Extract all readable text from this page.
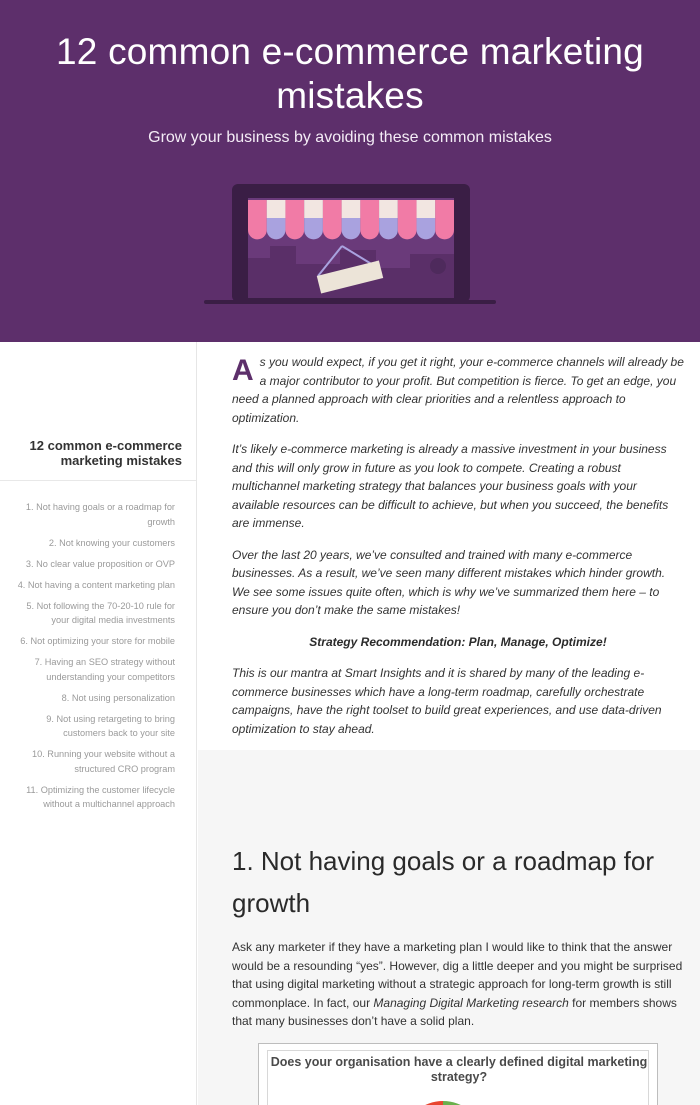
12 common e-commerce marketing mistakes

Grow your business by avoiding these common mistakes

12 common e-commerce marketing mistakes
1. Not having goals or a roadmap for growth
2. Not knowing your customers
3. No clear value proposition or OVP
4. Not having a content marketing plan
5. Not following the 70-20-10 rule for your digital media investments
6. Not optimizing your store for mobile
7. Having an SEO strategy without understanding your competitors
8. Not using personalization
9. Not using retargeting to bring customers back to your site
10. Running your website without a structured CRO program
11. Optimizing the customer lifecycle without a multichannel approach

As you would expect, if you get it right, your e-commerce channels will already be a major contributor to your profit. But competition is fierce. To get an edge, you need a planned approach with clear priorities and a relentless approach to optimization.

It’s likely e-commerce marketing is already a massive investment in your business and this will only grow in future as you look to compete. Creating a robust multichannel marketing strategy that balances your business goals with your available resources can be difficult to achieve, but when you succeed, the benefits are immense.

Over the last 20 years, we’ve consulted and trained with many e-commerce businesses. As a result, we’ve seen many different mistakes which hinder growth. We see some issues quite often, which is why we’ve summarized them here – to ensure you don’t make the same mistakes!

Strategy Recommendation: Plan, Manage, Optimize!

This is our mantra at Smart Insights and it is shared by many of the leading e-commerce businesses which have a long-term roadmap, carefully orchestrate campaigns, have the right toolset to build great experiences, and use data-driven optimization to stay ahead.

1. Not having goals or a roadmap for growth

Ask any marketer if they have a marketing plan I would like to think that the answer would be a resounding “yes”. However, dig a little deeper and you might be surprised that using digital marketing without a strategic approach for long-term growth is still commonplace. In fact, our Managing Digital Marketing research for members shows that many businesses don’t have a solid plan.

Does your organisation have a clearly defined digital marketing strategy?
